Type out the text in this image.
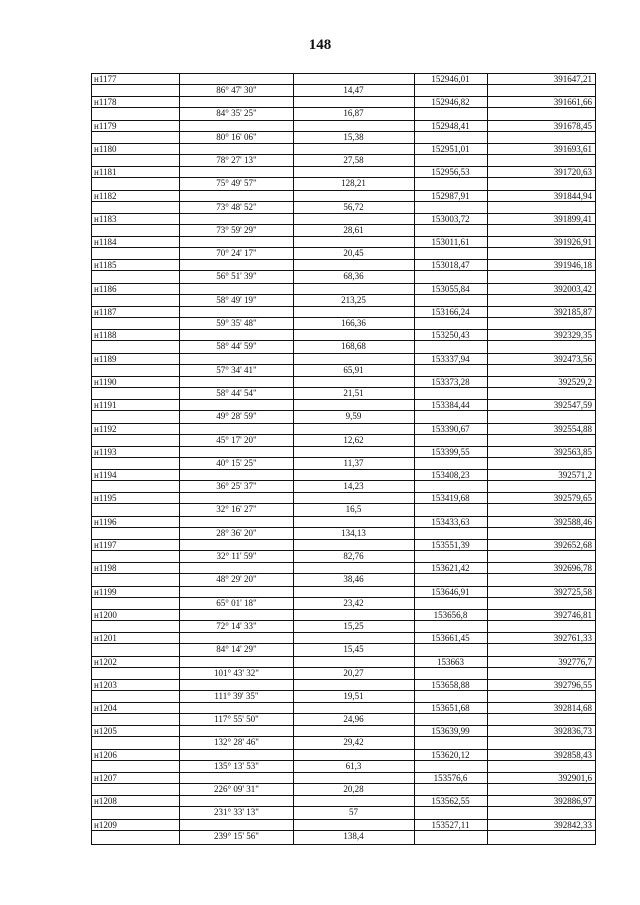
148
н1177	152946,01	391647,21
86° 47' 30"	14,47
н1178	152946,82	391661,66
84° 35' 25"	16,87
н1179	152948,41	391678,45
80° 16' 06"	15,38
н1180	152951,01	391693,61
78° 27' 13"	27,58
н1181	152956,53	391720,63
75° 49' 57"	128,21
н1182	152987,91	391844,94
73° 48' 52"	56,72
н1183	153003,72	391899,41
73° 59' 29"	28,61
н1184	153011,61	391926,91
70° 24' 17"	20,45
н1185	153018,47	391946,18
56° 51' 39"	68,36
н1186	153055,84	392003,42
58° 49' 19"	213,25
н1187	153166,24	392185,87
59° 35' 48"	166,36
н1188	153250,43	392329,35
58° 44' 59"	168,68
н1189	153337,94	392473,56
57° 34' 41"	65,91
н1190	153373,28	392529,2
58° 44' 54"	21,51
н1191	153384,44	392547,59
49° 28' 59"	9,59
н1192	153390,67	392554,88
45° 17' 20"	12,62
н1193	153399,55	392563,85
40° 15' 25"	11,37
н1194	153408,23	392571,2
36° 25' 37"	14,23
н1195	153419,68	392579,65
32° 16' 27"	16,5
н1196	153433,63	392588,46
28° 36' 20"	134,13
н1197	153551,39	392652,68
32° 11' 59"	82,76
н1198	153621,42	392696,78
48° 29' 20"	38,46
н1199	153646,91	392725,58
65° 01' 18"	23,42
н1200	153656,8	392746,81
72° 14' 33"	15,25
н1201	153661,45	392761,33
84° 14' 29"	15,45
н1202	153663	392776,7
101° 43' 32"	20,27
н1203	153658,88	392796,55
111° 39' 35"	19,51
н1204	153651,68	392814,68
117° 55' 50"	24,96
н1205	153639,99	392836,73
132° 28' 46"	29,42
н1206	153620,12	392858,43
135° 13' 53"	61,3
н1207	153576,6	392901,6
226° 09' 31"	20,28
н1208	153562,55	392886,97
231° 33' 13"	57
н1209	153527,11	392842,33
239° 15' 56"	138,4
